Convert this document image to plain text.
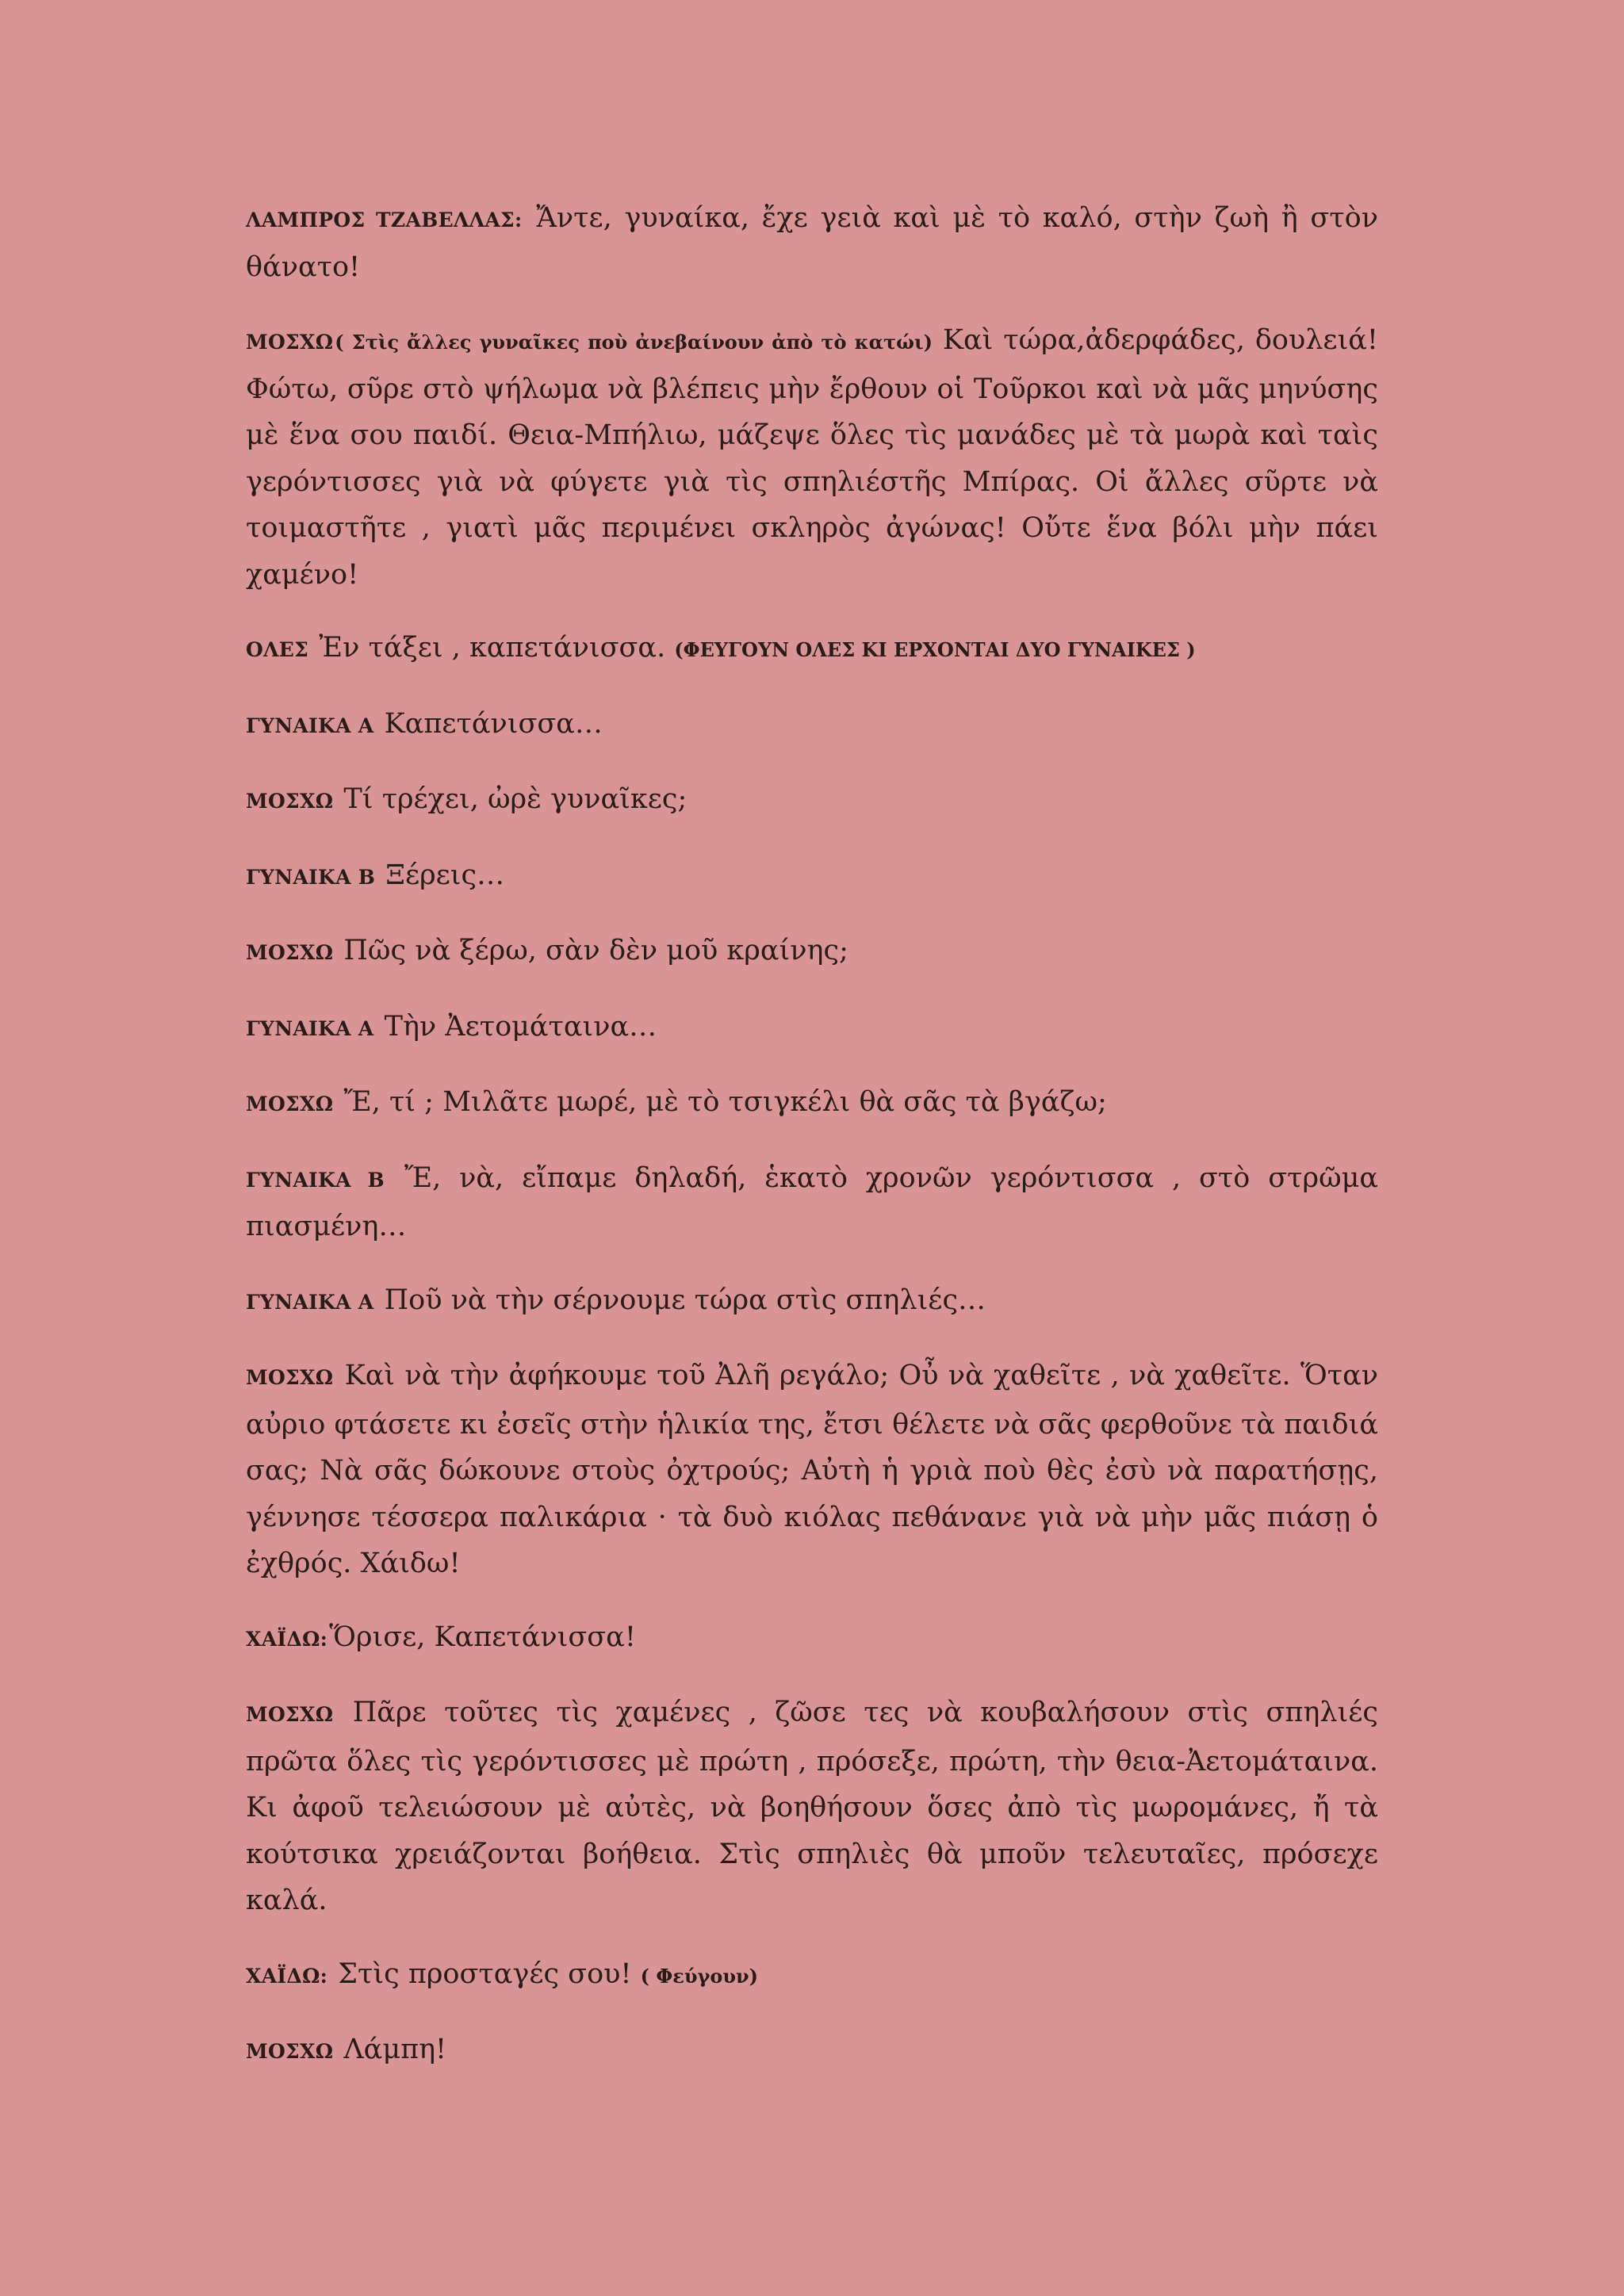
ΛΑΜΠΡΟΣ ΤΖΑΒΕΛΛΑΣ: Ἄντε, γυναίκα, ἔχε γειὰ καὶ μὲ τὸ καλό, στὴν ζωὴ ἢ στὸν θάνατο!

ΜΟΣΧΩ( Στὶς ἄλλες γυναῖκες ποὺ ἀνεβαίνουν ἀπὸ τὸ κατώι) Καὶ τώρα,ἀδερφάδες, δουλειά! Φώτω, σῦρε στὸ ψήλωμα νὰ βλέπεις μὴν ἔρθουν οἱ Τοῦρκοι καὶ νὰ μᾶς μηνύσης μὲ ἕνα σου παιδί. Θεια-Μπήλιω, μάζεψε ὅλες τὶς μανάδες μὲ τὰ μωρὰ καὶ ταὶς γερόντισσες γιὰ νὰ φύγετε γιὰ τὶς σπηλιέστῆς Μπίρας. Οἱ ἄλλες σῦρτε νὰ τοιμαστῆτε , γιατὶ μᾶς περιμένει σκληρὸς ἀγώνας! Οὔτε ἕνα βόλι μὴν πάει χαμένο!

ΟΛΕΣ Ἐν τάξει , καπετάνισσα. (ΦΕΥΓΟΥΝ ΟΛΕΣ ΚΙ ΕΡΧΟΝΤΑΙ ΔΥΟ ΓΥΝΑΙΚΕΣ )

ΓΥΝΑΙΚΑ Α Καπετάνισσα…

ΜΟΣΧΩ Τί τρέχει, ὠρὲ γυναῖκες;

ΓΥΝΑΙΚΑ Β Ξέρεις…

ΜΟΣΧΩ Πῶς νὰ ξέρω, σὰν δὲν μοῦ κραίνης;

ΓΥΝΑΙΚΑ Α Τὴν Ἀετομάταινα…

ΜΟΣΧΩ Ἔ, τί ; Μιλᾶτε μωρέ, μὲ τὸ τσιγκέλι θὰ σᾶς τὰ βγάζω;

ΓΥΝΑΙΚΑ Β Ἔ, νὰ, εἴπαμε δηλαδή, ἑκατὸ χρονῶν γερόντισσα , στὸ στρῶμα πιασμένη…

ΓΥΝΑΙΚΑ Α Ποῦ νὰ τὴν σέρνουμε τώρα στὶς σπηλιές…

ΜΟΣΧΩ Καὶ νὰ τὴν ἀφήκουμε τοῦ Ἀλῆ ρεγάλο; Οὖ νὰ χαθεῖτε , νὰ χαθεῖτε. Ὅταν αὐριο φτάσετε κι ἐσεῖς στὴν ἡλικία της, ἔτσι θέλετε νὰ σᾶς φερθοῦνε τὰ παιδιά σας; Νὰ σᾶς δώκουνε στοὺς ὀχτρούς; Αὐτὴ ἡ γριὰ ποὺ θὲς ἐσὺ νὰ παρατήσῃς, γέννησε τέσσερα παλικάρια · τὰ δυὸ κιόλας πεθάνανε γιὰ νὰ μὴν μᾶς πιάσῃ ὁ ἐχθρός. Χάιδω!

ΧΑΪΔΩ:Ὅρισε, Καπετάνισσα!

ΜΟΣΧΩ Πᾶρε τοῦτες τὶς χαμένες , ζῶσε τες νὰ κουβαλήσουν στὶς σπηλιές πρῶτα ὅλες τὶς γερόντισσες μὲ πρώτη , πρόσεξε, πρώτη, τὴν θεια-Ἀετομάταινα. Κι ἀφοῦ τελειώσουν μὲ αὐτὲς, νὰ βοηθήσουν ὅσες ἀπὸ τὶς μωρομάνες, ἤ τὰ κούτσικα χρειάζονται βοήθεια. Στὶς σπηλιὲς θὰ μποῦν τελευταῖες, πρόσεχε καλά.

ΧΑΪΔΩ: Στὶς προσταγές σου! ( Φεύγουν)

ΜΟΣΧΩ Λάμπη!
